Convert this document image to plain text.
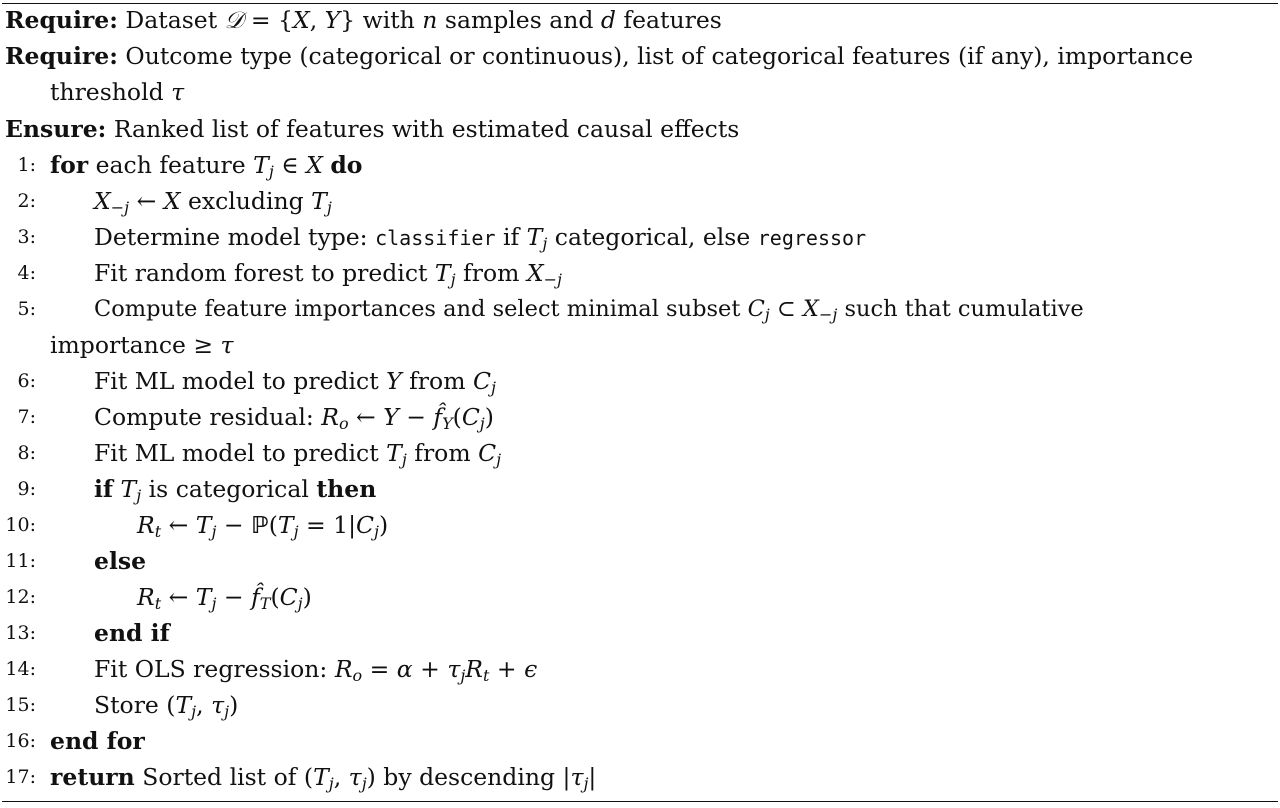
Require: Dataset 𝒟 = {X, Y} with n samples and d features
Require: Outcome type (categorical or continuous), list of categorical features (if any), importance
threshold τ
Ensure: Ranked list of features with estimated causal effects
1: for each feature $T_j$ ∈ X do
2: $X_{-j}$ ← X excluding $T_j$
3: Determine model type: classifier if $T_j$ categorical, else regressor
4: Fit random forest to predict $T_j$ from $X_{-j}$
5:	Compute feature importances and select minimal subset $C_j$ ⊂ $X_{-j}$ such that cumulative
importance ≥ τ
6: Fit ML model to predict Y from $C_j$
7: Compute residual: $R_o$ ← $Y - f̂_Y(C_j)$
8: Fit ML model to predict $T_j$ from $C_j$
9: if $T_j$ is categorical then
10:	$R_t$ ← $T_j$ − $ℙ(T_j = 1|C_j)$
11: else
12:	$R_t$ ← $T_j$ − $f̂_T(C_j)$
13: end if
14: Fit OLS regression: $R_o = \alpha + \tau_jR_t + \epsilon$
15: Store ($T_j$, $\tau_j$)
16: end for
17: return Sorted list of ($T_j$, $\tau_j$) by descending $|\tau_j|$
